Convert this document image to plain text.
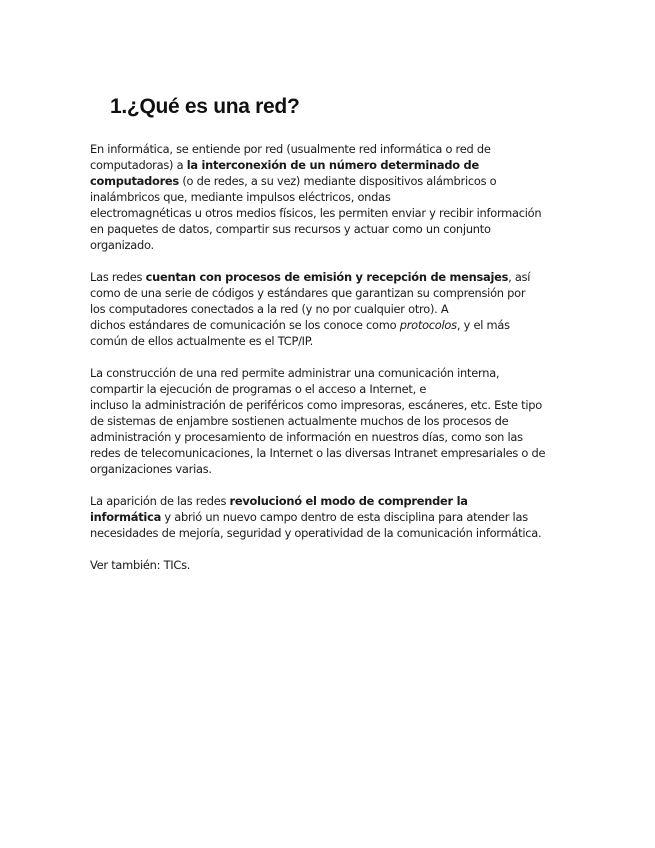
1.¿Qué es una red?

En informática, se entiende por red (usualmente red informática o red de
computadoras) a la interconexión de un número determinado de
computadores (o de redes, a su vez) mediante dispositivos alámbricos o
inalámbricos que, mediante impulsos eléctricos, ondas
electromagnéticas u otros medios físicos, les permiten enviar y recibir información
en paquetes de datos, compartir sus recursos y actuar como un conjunto
organizado.

Las redes cuentan con procesos de emisión y recepción de mensajes, así
como de una serie de códigos y estándares que garantizan su comprensión por
los computadores conectados a la red (y no por cualquier otro). A
dichos estándares de comunicación se los conoce como protocolos, y el más
común de ellos actualmente es el TCP/IP.

La construcción de una red permite administrar una comunicación interna,
compartir la ejecución de programas o el acceso a Internet, e
incluso la administración de periféricos como impresoras, escáneres, etc. Este tipo
de sistemas de enjambre sostienen actualmente muchos de los procesos de
administración y procesamiento de información en nuestros días, como son las
redes de telecomunicaciones, la Internet o las diversas Intranet empresariales o de
organizaciones varias.

La aparición de las redes revolucionó el modo de comprender la
informática y abrió un nuevo campo dentro de esta disciplina para atender las
necesidades de mejoría, seguridad y operatividad de la comunicación informática.

Ver también: TICs.
